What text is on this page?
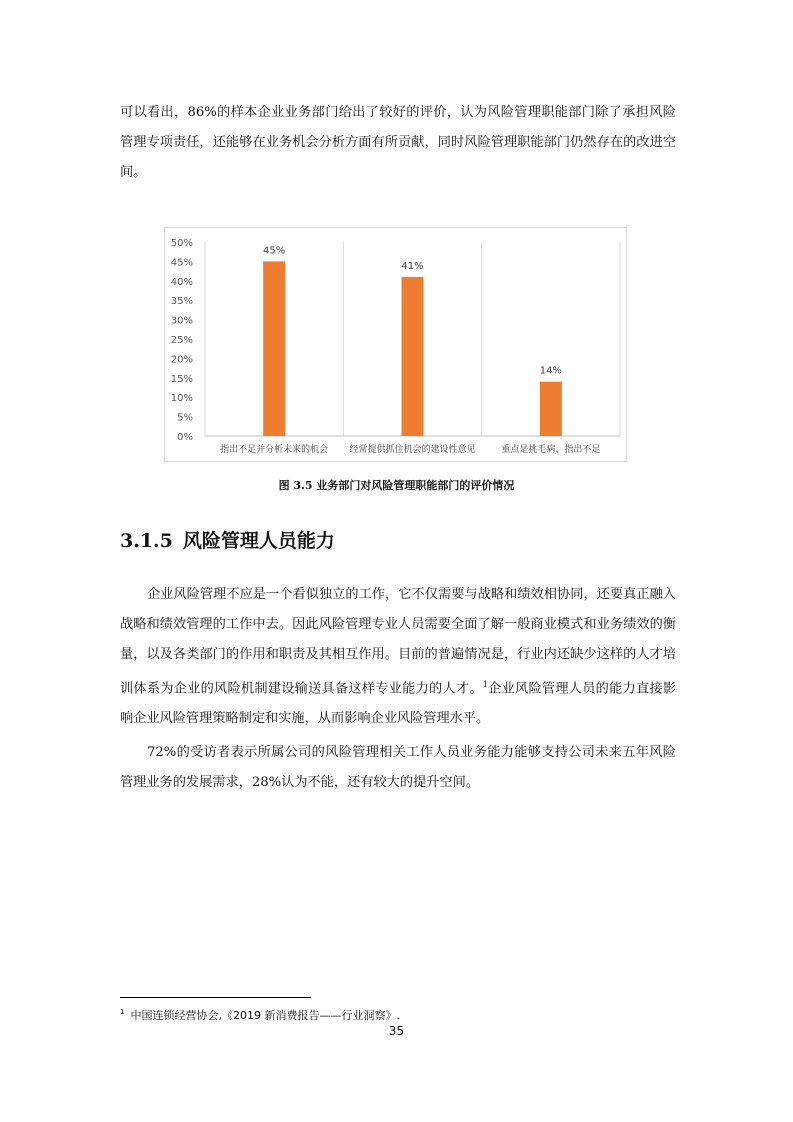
可以看出，86%的样本企业业务部门给出了较好的评价，认为风险管理职能部门除了承担风险管理专项责任，还能够在业务机会分析方面有所贡献，同时风险管理职能部门仍然存在的改进空间。

0%
5%
10%
15%
20%
25%
30%
35%
40%
45%
50%
45%
指出不足并分析未来的机会
41%
经常提供抓住机会的建设性意见
14%
重点是挑毛病、指出不足
图 3.5 业务部门对风险管理职能部门的评价情况
3.1.5 风险管理人员能力

企业风险管理不应是一个看似独立的工作，它不仅需要与战略和绩效相协同，还要真正融入战略和绩效管理的工作中去。因此风险管理专业人员需要全面了解一般商业模式和业务绩效的衡量，以及各类部门的作用和职责及其相互作用。目前的普遍情况是，行业内还缺少这样的人才培训体系为企业的风险机制建设输送具备这样专业能力的人才。$^1$企业风险管理人员的能力直接影响企业风险管理策略制定和实施，从而影响企业风险管理水平。

72%的受访者表示所属公司的风险管理相关工作人员业务能力能够支持公司未来五年风险管理业务的发展需求，28%认为不能，还有较大的提升空间。

$^1$ 中国连锁经营协会,《2019 新消费报告——行业洞察》.
35
